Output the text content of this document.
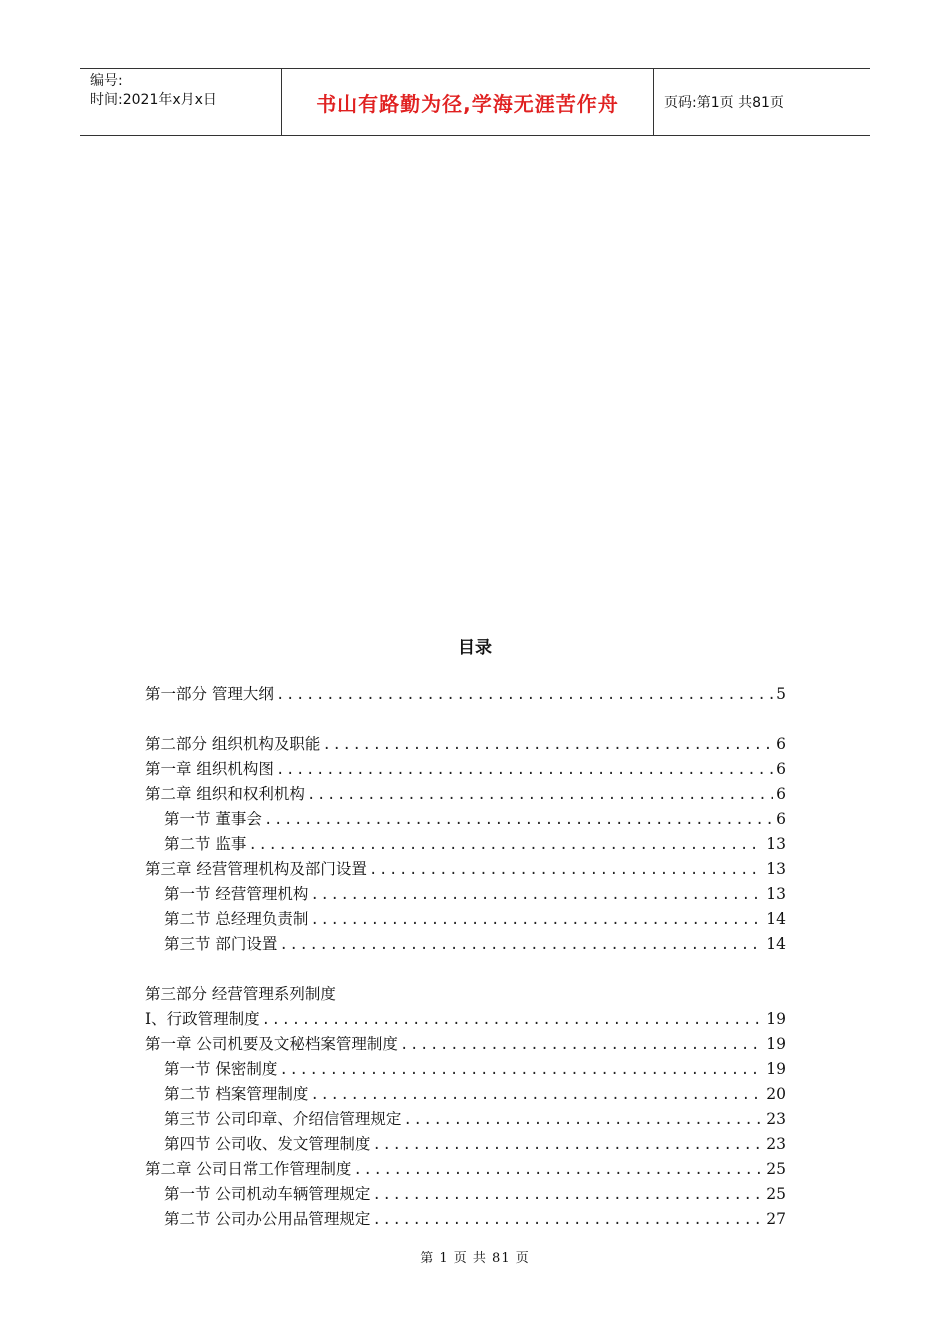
编号:
时间:2021年x月x日	书山有路勤为径,学海无涯苦作舟	页码:第1页 共81页
目录
第一部分 管理大纲 .....	5
第二部分 组织机构及职能 .....	6
第一章 组织机构图 .....	6
第二章 组织和权利机构 .....	6
第一节 董事会 .....	6
第二节 监事 .....	13
第三章 经营管理机构及部门设置 .....	13
第一节 经营管理机构 .....	13
第二节 总经理负责制 .....	14
第三节 部门设置 .....	14
第三部分 经营管理系列制度
Ⅰ、行政管理制度 .....	19
第一章 公司机要及文秘档案管理制度 .....	19
第一节 保密制度 .....	19
第二节 档案管理制度 .....	20
第三节 公司印章、介绍信管理规定 .....	23
第四节 公司收、发文管理制度 .....	23
第二章 公司日常工作管理制度 .....	25
第一节 公司机动车辆管理规定 .....	25
第二节 公司办公用品管理规定 .....	27
第 1 页 共 81 页
